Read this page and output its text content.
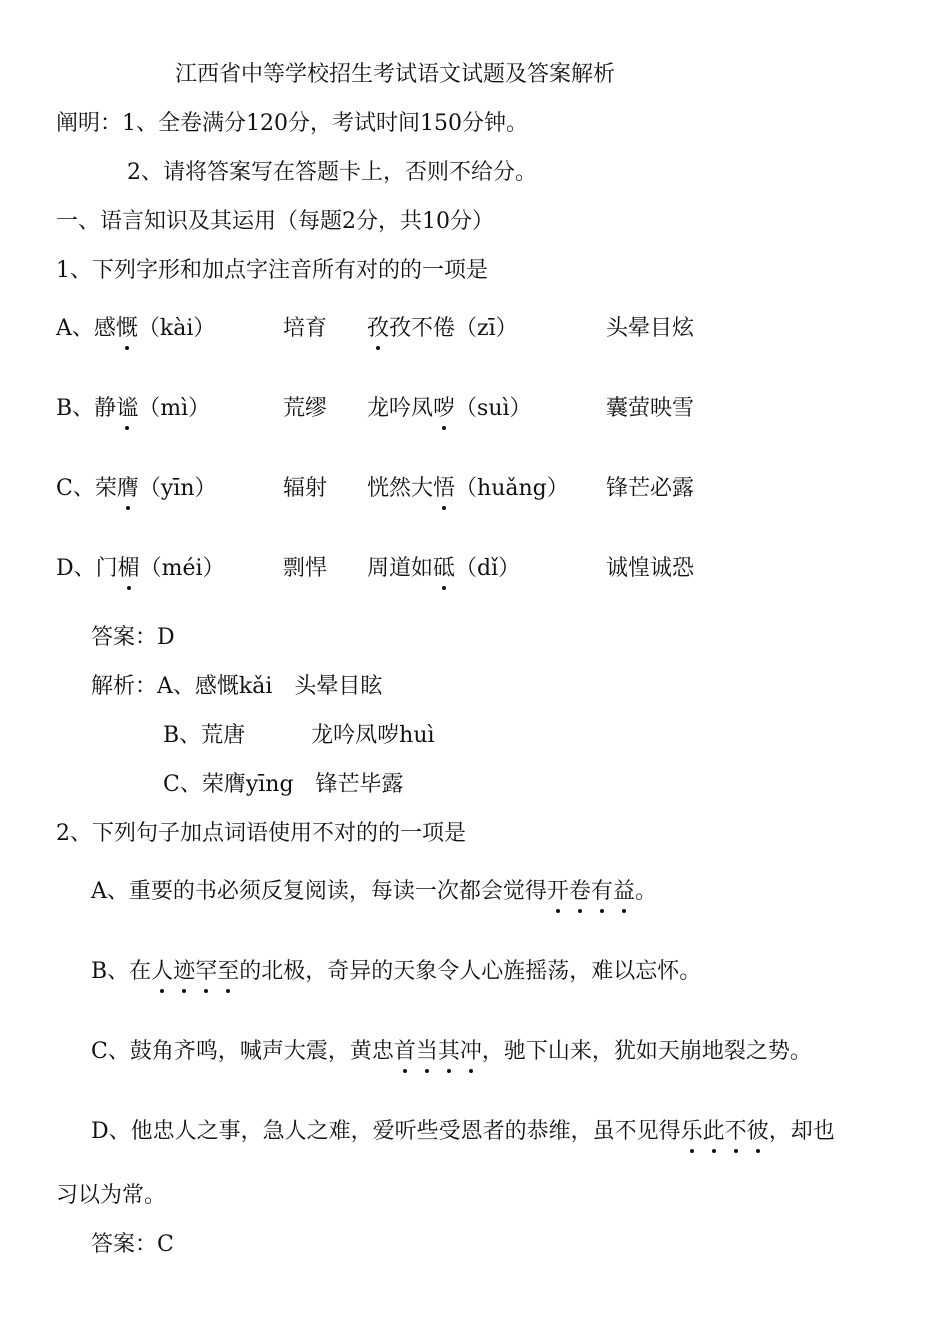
江西省中等学校招生考试语文试题及答案解析
阐明：1、全卷满分120分，考试时间150分钟。
2、请将答案写在答题卡上，否则不给分。
一、语言知识及其运用（每题2分，共10分）
1、下列字形和加点字注音所有对的的一项是
A、感慨（kài）	培育 孜孜不倦（zī）	头晕目炫
B、静谧（mì）	荒缪 龙吟凤哕（suì）	囊萤映雪
C、荣膺（yīn）	辐射 恍然大悟（huǎng） 锋芒必露
D、门楣（méi）	剽悍 周道如砥（dǐ）	诚惶诚恐
答案：D
解析：A、感慨kǎi　头晕目眩
B、荒唐　　　龙吟凤哕huì
C、荣膺yīng　锋芒毕露
2、下列句子加点词语使用不对的的一项是
A、重要的书必须反复阅读，每读一次都会觉得开卷有益。
B、在人迹罕至的北极，奇异的天象令人心旌摇荡，难以忘怀。
C、鼓角齐鸣，喊声大震，黄忠首当其冲，驰下山来，犹如天崩地裂之势。
D、他忠人之事，急人之难，爱听些受恩者的恭维，虽不见得乐此不彼，却也
习以为常。
答案：C
